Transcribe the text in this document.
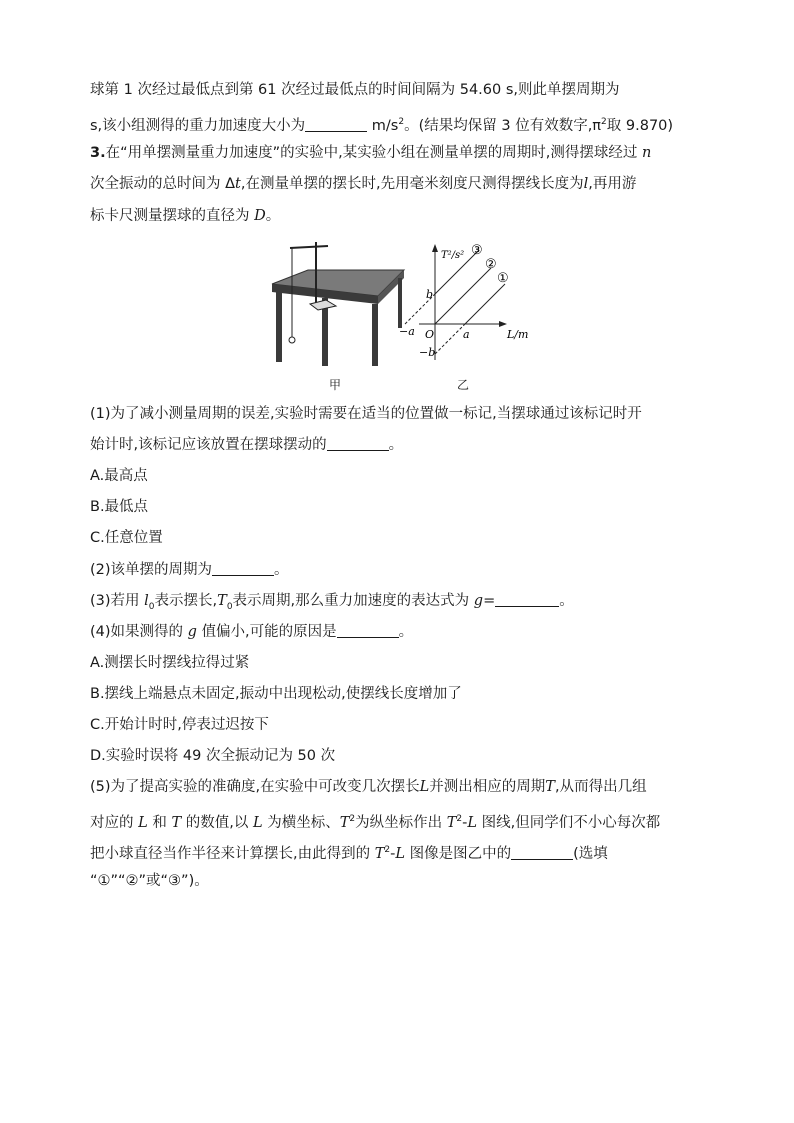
球第 1 次经过最低点到第 61 次经过最低点的时间间隔为 54.60 s,则此单摆周期为
s,该小组测得的重力加速度大小为	$m/s^2$。(结果均保留 3 位有效数字$,\pi^2$取 9.870)
3.在“用单摆测量重力加速度”的实验中,某实验小组在测量单摆的周期时,测得摆球经过 n
次全振动的总时间为 Δt,在测量单摆的摆长时,先用毫米刻度尺测得摆线长度为l,再用游
标卡尺测量摆球的直径为 D。
T²/s²
L/m
O
b
−b
a
−a
③
②
①
甲	乙
(1)为了减小测量周期的误差,实验时需要在适当的位置做一标记,当摆球通过该标记时开
始计时,该标记应该放置在摆球摆动的	。
A.最高点
B.最低点
C.任意位置
(2)该单摆的周期为	。
(3)若用 $l_0$表示摆长$,T_0$表示周期,那么重力加速度的表达式为 g=	。
(4)如果测得的 g 值偏小,可能的原因是	。
A.测摆长时摆线拉得过紧
B.摆线上端悬点未固定,振动中出现松动,使摆线长度增加了
C.开始计时时,停表过迟按下
D.实验时误将 49 次全振动记为 50 次
(5)为了提高实验的准确度,在实验中可改变几次摆长L并测出相应的周期T,从而得出几组
对应的 L 和 T 的数值,以 L 为横坐标、$T^2$为纵坐标作出 $T^2-L$ 图线,但同学们不小心每次都
把小球直径当作半径来计算摆长,由此得到的 $T^2-L$ 图像是图乙中的	(选填
“①”“②”或“③”)。
